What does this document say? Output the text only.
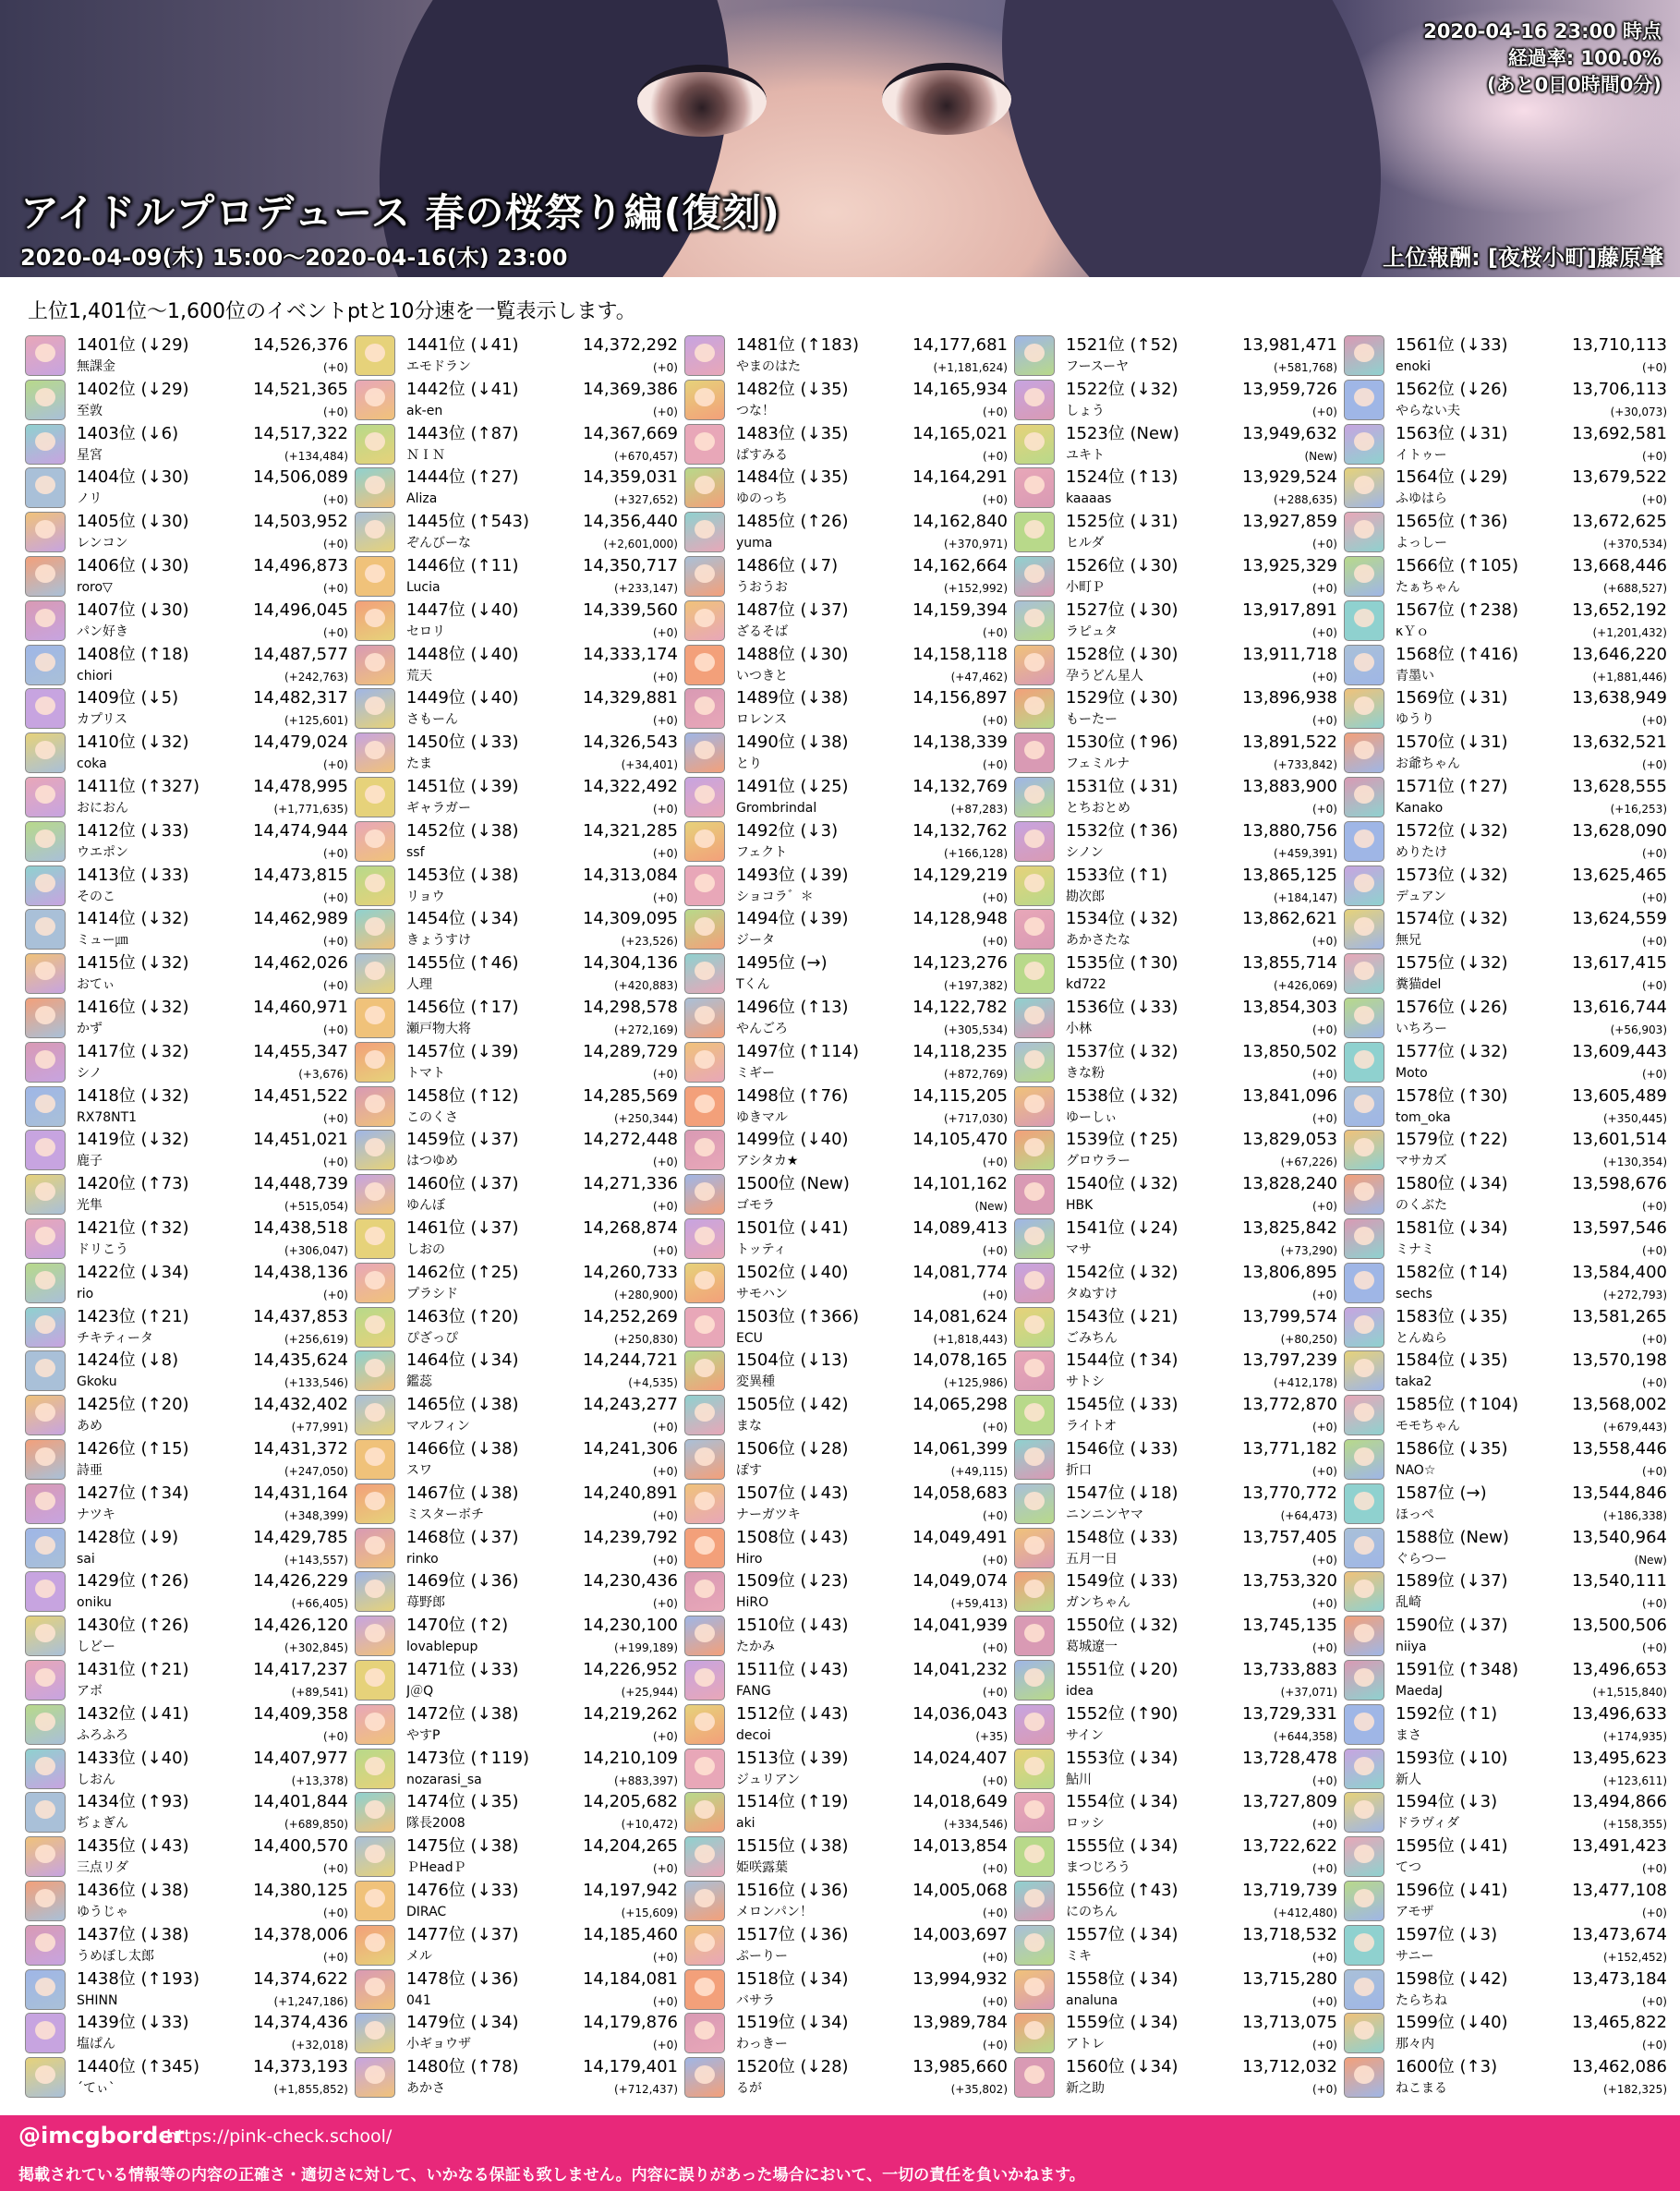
2020-04-16 23:00 時点
経過率: 100.0%
(あと0日0時間0分)
アイドルプロデュース 春の桜祭り編(復刻)
2020-04-09(木) 15:00～2020-04-16(木) 23:00	上位報酬: [夜桜小町]藤原肇
上位1,401位～1,600位のイベントptと10分速を一覧表示します。
1401位 (↓29)	14,526,376
無課金	(+0)
1402位 (↓29)	14,521,365
至敦	(+0)
1403位 (↓6)	14,517,322
星宮	(+134,484)
1404位 (↓30)	14,506,089
ノリ	(+0)
1405位 (↓30)	14,503,952
レンコン	(+0)
1406位 (↓30)	14,496,873
roro▽	(+0)
1407位 (↓30)	14,496,045
パン好き	(+0)
1408位 (↑18)	14,487,577
chiori	(+242,763)
1409位 (↓5)	14,482,317
カプリス	(+125,601)
1410位 (↓32)	14,479,024
coka	(+0)
1411位 (↑327)	14,478,995
おにおん	(+1,771,635)
1412位 (↓33)	14,474,944
ウエポン	(+0)
1413位 (↓33)	14,473,815
そのこ	(+0)
1414位 (↓32)	14,462,989
ミュー㎛	(+0)
1415位 (↓32)	14,462,026
おてぃ	(+0)
1416位 (↓32)	14,460,971
かず	(+0)
1417位 (↓32)	14,455,347
シノ	(+3,676)
1418位 (↓32)	14,451,522
RX78NT1	(+0)
1419位 (↓32)	14,451,021
鹿子	(+0)
1420位 (↑73)	14,448,739
光隼	(+515,054)
1421位 (↑32)	14,438,518
ドリこう	(+306,047)
1422位 (↓34)	14,438,136
rio	(+0)
1423位 (↑21)	14,437,853
チキティータ	(+256,619)
1424位 (↓8)	14,435,624
Gkoku	(+133,546)
1425位 (↑20)	14,432,402
あめ	(+77,991)
1426位 (↑15)	14,431,372
詩亜	(+247,050)
1427位 (↑34)	14,431,164
ナツキ	(+348,399)
1428位 (↓9)	14,429,785
sai	(+143,557)
1429位 (↑26)	14,426,229
oniku	(+66,405)
1430位 (↑26)	14,426,120
しどー	(+302,845)
1431位 (↑21)	14,417,237
アボ	(+89,541)
1432位 (↓41)	14,409,358
ふろふろ	(+0)
1433位 (↓40)	14,407,977
しおん	(+13,378)
1434位 (↑93)	14,401,844
ぢょぎん	(+689,850)
1435位 (↓43)	14,400,570
三点リダ	(+0)
1436位 (↓38)	14,380,125
ゆうじゃ	(+0)
1437位 (↓38)	14,378,006
うめぼし太郎	(+0)
1438位 (↑193)	14,374,622
SHINN	(+1,247,186)
1439位 (↓33)	14,374,436
塩ぱん	(+32,018)
1440位 (↑345)	14,373,193
ˊてぃˋ	(+1,855,852)
1441位 (↓41)	14,372,292
エモドラン	(+0)
1442位 (↓41)	14,369,386
ak-en	(+0)
1443位 (↑87)	14,367,669
ＮＩＮ	(+670,457)
1444位 (↑27)	14,359,031
Aliza	(+327,652)
1445位 (↑543)	14,356,440
ぞんびーな	(+2,601,000)
1446位 (↑11)	14,350,717
Lucia	(+233,147)
1447位 (↓40)	14,339,560
セロリ	(+0)
1448位 (↓40)	14,333,174
荒天	(+0)
1449位 (↓40)	14,329,881
さもーん	(+0)
1450位 (↓33)	14,326,543
たま	(+34,401)
1451位 (↓39)	14,322,492
ギャラガー	(+0)
1452位 (↓38)	14,321,285
ssf	(+0)
1453位 (↓38)	14,313,084
リョウ	(+0)
1454位 (↓34)	14,309,095
きょうすけ	(+23,526)
1455位 (↑46)	14,304,136
人理	(+420,883)
1456位 (↑17)	14,298,578
瀬戸物大将	(+272,169)
1457位 (↓39)	14,289,729
トマト	(+0)
1458位 (↑12)	14,285,569
このくさ	(+250,344)
1459位 (↓37)	14,272,448
はつゆめ	(+0)
1460位 (↓37)	14,271,336
ゆんぼ	(+0)
1461位 (↓37)	14,268,874
しおの	(+0)
1462位 (↑25)	14,260,733
プラシド	(+280,900)
1463位 (↑20)	14,252,269
ぴざっぴ	(+250,830)
1464位 (↓34)	14,244,721
鑑蕊	(+4,535)
1465位 (↓38)	14,243,277
マルフィン	(+0)
1466位 (↓38)	14,241,306
スワ	(+0)
1467位 (↓38)	14,240,891
ミスターボチ	(+0)
1468位 (↓37)	14,239,792
rinko	(+0)
1469位 (↓36)	14,230,436
苺野郎	(+0)
1470位 (↑2)	14,230,100
lovablepup	(+199,189)
1471位 (↓33)	14,226,952
J＠Q	(+25,944)
1472位 (↓38)	14,219,262
やすP	(+0)
1473位 (↑119)	14,210,109
nozarasi_sa	(+883,397)
1474位 (↓35)	14,205,682
隊長2008	(+10,472)
1475位 (↓38)	14,204,265
ＰHeadＰ	(+0)
1476位 (↓33)	14,197,942
DIRAC	(+15,609)
1477位 (↓37)	14,185,460
メル	(+0)
1478位 (↓36)	14,184,081
041	(+0)
1479位 (↓34)	14,179,876
小ギョウザ	(+0)
1480位 (↑78)	14,179,401
あかさ	(+712,437)
1481位 (↑183)	14,177,681
やまのはた	(+1,181,624)
1482位 (↓35)	14,165,934
つな！	(+0)
1483位 (↓35)	14,165,021
ぱすみる	(+0)
1484位 (↓35)	14,164,291
ゆのっち	(+0)
1485位 (↑26)	14,162,840
yuma	(+370,971)
1486位 (↓7)	14,162,664
うおうお	(+152,992)
1487位 (↓37)	14,159,394
ざるそば	(+0)
1488位 (↓30)	14,158,118
いつきと	(+47,462)
1489位 (↓38)	14,156,897
ロレンス	(+0)
1490位 (↓38)	14,138,339
とり	(+0)
1491位 (↓25)	14,132,769
Grombrindal	(+87,283)
1492位 (↓3)	14,132,762
フェクト	(+166,128)
1493位 (↓39)	14,129,219
ショコラ゛＊	(+0)
1494位 (↓39)	14,128,948
ジータ	(+0)
1495位 (→)	14,123,276
Tくん	(+197,382)
1496位 (↑13)	14,122,782
やんごろ	(+305,534)
1497位 (↑114)	14,118,235
ミギー	(+872,769)
1498位 (↑76)	14,115,205
ゆきマル	(+717,030)
1499位 (↓40)	14,105,470
アシタカ★	(+0)
1500位 (New)	14,101,162
ゴモラ	(New)
1501位 (↓41)	14,089,413
トッティ	(+0)
1502位 (↓40)	14,081,774
サモハン	(+0)
1503位 (↑366)	14,081,624
ECU	(+1,818,443)
1504位 (↓13)	14,078,165
変異種	(+125,986)
1505位 (↓42)	14,065,298
まな	(+0)
1506位 (↓28)	14,061,399
ぽす	(+49,115)
1507位 (↓43)	14,058,683
ナーガツキ	(+0)
1508位 (↓43)	14,049,491
Hiro	(+0)
1509位 (↓23)	14,049,074
HiRO	(+59,413)
1510位 (↓43)	14,041,939
たかみ	(+0)
1511位 (↓43)	14,041,232
FANG	(+0)
1512位 (↓43)	14,036,043
decoi	(+35)
1513位 (↓39)	14,024,407
ジュリアン	(+0)
1514位 (↑19)	14,018,649
aki	(+334,546)
1515位 (↓38)	14,013,854
姫咲露葉	(+0)
1516位 (↓36)	14,005,068
メロンパン！	(+0)
1517位 (↓36)	14,003,697
ぷーりー	(+0)
1518位 (↓34)	13,994,932
バサラ	(+0)
1519位 (↓34)	13,989,784
わっきー	(+0)
1520位 (↓28)	13,985,660
るが	(+35,802)
1521位 (↑52)	13,981,471
フースーヤ	(+581,768)
1522位 (↓32)	13,959,726
しょう	(+0)
1523位 (New)	13,949,632
ユキト	(New)
1524位 (↑13)	13,929,524
kaaaas	(+288,635)
1525位 (↓31)	13,927,859
ヒルダ	(+0)
1526位 (↓30)	13,925,329
小町Ｐ	(+0)
1527位 (↓30)	13,917,891
ラピュタ	(+0)
1528位 (↓30)	13,911,718
孕うどん星人	(+0)
1529位 (↓30)	13,896,938
もーたー	(+0)
1530位 (↑96)	13,891,522
フェミルナ	(+733,842)
1531位 (↓31)	13,883,900
とちおとめ	(+0)
1532位 (↑36)	13,880,756
シノン	(+459,391)
1533位 (↑1)	13,865,125
勘次郎	(+184,147)
1534位 (↓32)	13,862,621
あかさたな	(+0)
1535位 (↑30)	13,855,714
kd722	(+426,069)
1536位 (↓33)	13,854,303
小林	(+0)
1537位 (↓32)	13,850,502
きな粉	(+0)
1538位 (↓32)	13,841,096
ゆーしぃ	(+0)
1539位 (↑25)	13,829,053
グロウラー	(+67,226)
1540位 (↓32)	13,828,240
HBK	(+0)
1541位 (↓24)	13,825,842
マサ	(+73,290)
1542位 (↓32)	13,806,895
タぬすけ	(+0)
1543位 (↓21)	13,799,574
ごみちん	(+80,250)
1544位 (↑34)	13,797,239
サトシ	(+412,178)
1545位 (↓33)	13,772,870
ライトオ	(+0)
1546位 (↓33)	13,771,182
折口	(+0)
1547位 (↓18)	13,770,772
ニンニンヤマ	(+64,473)
1548位 (↓33)	13,757,405
五月一日	(+0)
1549位 (↓33)	13,753,320
ガンちゃん	(+0)
1550位 (↓32)	13,745,135
葛城遼一	(+0)
1551位 (↓20)	13,733,883
idea	(+37,071)
1552位 (↑90)	13,729,331
サイン	(+644,358)
1553位 (↓34)	13,728,478
鮎川	(+0)
1554位 (↓34)	13,727,809
ロッシ	(+0)
1555位 (↓34)	13,722,622
まつじろう	(+0)
1556位 (↑43)	13,719,739
にのちん	(+412,480)
1557位 (↓34)	13,718,532
ミキ	(+0)
1558位 (↓34)	13,715,280
analuna	(+0)
1559位 (↓34)	13,713,075
アトレ	(+0)
1560位 (↓34)	13,712,032
新之助	(+0)
1561位 (↓33)	13,710,113
enoki	(+0)
1562位 (↓26)	13,706,113
やらない夫	(+30,073)
1563位 (↓31)	13,692,581
イトゥー	(+0)
1564位 (↓29)	13,679,522
ふゆはら	(+0)
1565位 (↑36)	13,672,625
よっしー	(+370,534)
1566位 (↑105)	13,668,446
たぁちゃん	(+688,527)
1567位 (↑238)	13,652,192
κＹｏ	(+1,201,432)
1568位 (↑416)	13,646,220
青墨い	(+1,881,446)
1569位 (↓31)	13,638,949
ゆうり	(+0)
1570位 (↓31)	13,632,521
お爺ちゃん	(+0)
1571位 (↑27)	13,628,555
Kanako	(+16,253)
1572位 (↓32)	13,628,090
めりたけ	(+0)
1573位 (↓32)	13,625,465
デュアン	(+0)
1574位 (↓32)	13,624,559
無兄	(+0)
1575位 (↓32)	13,617,415
糞猫del	(+0)
1576位 (↓26)	13,616,744
いちろー	(+56,903)
1577位 (↓32)	13,609,443
Moto	(+0)
1578位 (↑30)	13,605,489
tom_oka	(+350,445)
1579位 (↑22)	13,601,514
マサカズ	(+130,354)
1580位 (↓34)	13,598,676
のくぶた	(+0)
1581位 (↓34)	13,597,546
ミナミ	(+0)
1582位 (↑14)	13,584,400
sechs	(+272,793)
1583位 (↓35)	13,581,265
とんぬら	(+0)
1584位 (↓35)	13,570,198
taka2	(+0)
1585位 (↑104)	13,568,002
モモちゃん	(+679,443)
1586位 (↓35)	13,558,446
NAO☆	(+0)
1587位 (→)	13,544,846
ほっぺ	(+186,338)
1588位 (New)	13,540,964
ぐらつー	(New)
1589位 (↓37)	13,540,111
乱崎	(+0)
1590位 (↓37)	13,500,506
niiya	(+0)
1591位 (↑348)	13,496,653
MaedaJ	(+1,515,840)
1592位 (↑1)	13,496,633
まさ	(+174,935)
1593位 (↓10)	13,495,623
新人	(+123,611)
1594位 (↓3)	13,494,866
ドラヴィダ	(+158,355)
1595位 (↓41)	13,491,423
てつ	(+0)
1596位 (↓41)	13,477,108
アモザ	(+0)
1597位 (↓3)	13,473,674
サニー	(+152,452)
1598位 (↓42)	13,473,184
たらちね	(+0)
1599位 (↓40)	13,465,822
那々内	(+0)
1600位 (↑3)	13,462,086
ねこまる	(+182,325)
@imcgborder
https://pink-check.school/
掲載されている情報等の内容の正確さ・適切さに対して、いかなる保証も致しません。内容に誤りがあった場合において、一切の責任を負いかねます。
